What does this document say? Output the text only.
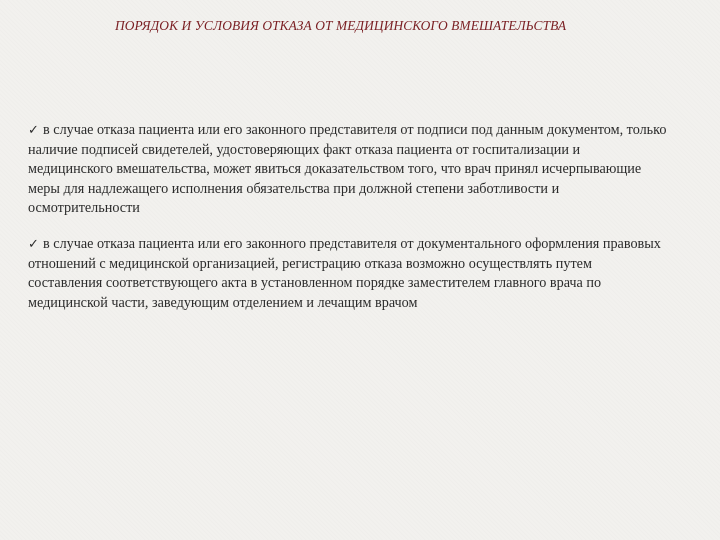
ПОРЯДОК И УСЛОВИЯ ОТКАЗА ОТ МЕДИЦИНСКОГО ВМЕШАТЕЛЬСТВА
✓ в случае отказа пациента или его законного представителя от подписи под данным документом, только наличие подписей свидетелей, удостоверяющих факт отказа пациента от госпитализации и медицинского вмешательства, может явиться доказательством того, что врач принял исчерпывающие меры для надлежащего исполнения обязательства при должной степени заботливости и осмотрительности
✓ в случае отказа пациента или его законного представителя от документального оформления правовых отношений с медицинской организацией, регистрацию отказа возможно осуществлять путем составления соответствующего акта в установленном порядке заместителем главного врача по медицинской части, заведующим отделением и лечащим врачом
